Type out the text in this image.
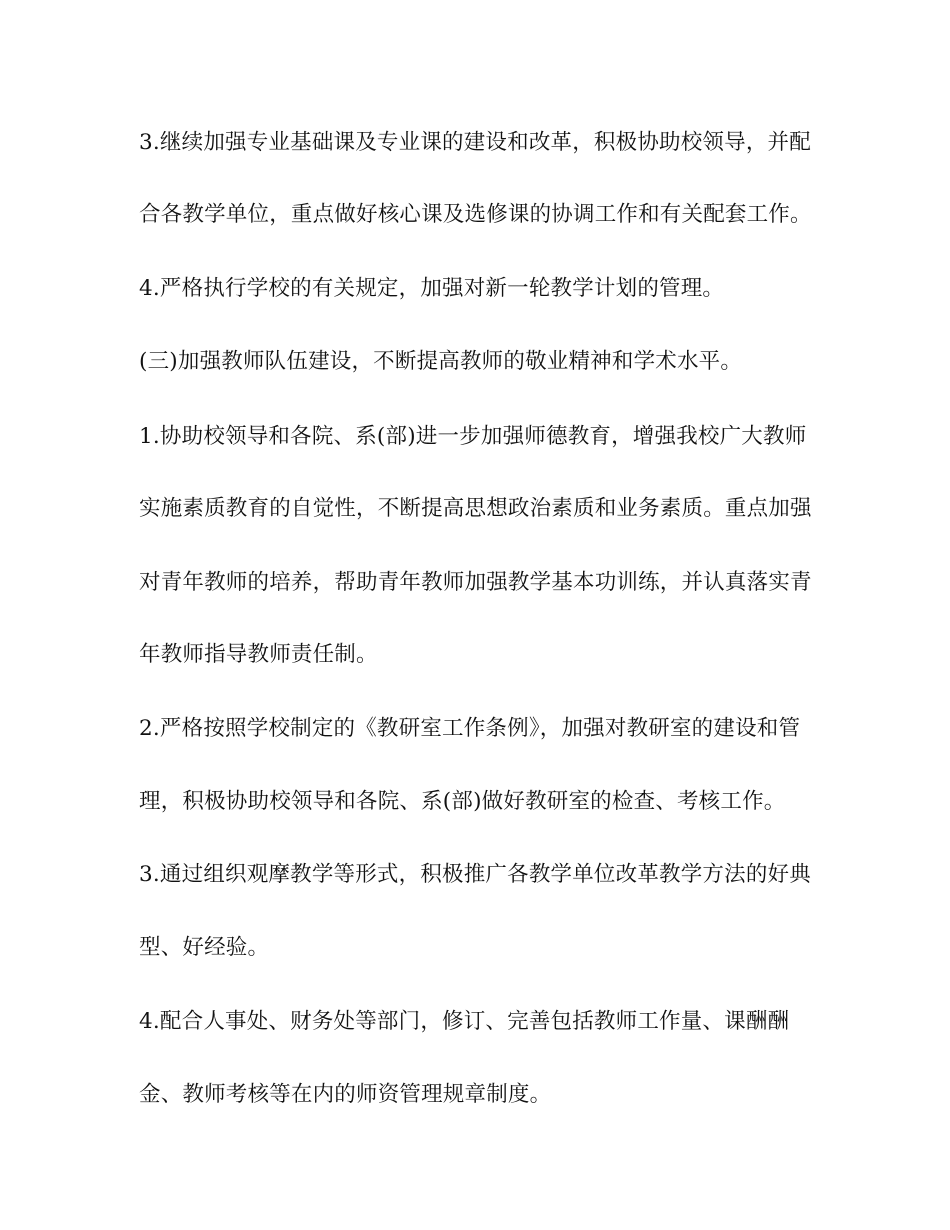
3.继续加强专业基础课及专业课的建设和改革，积极协助校领导，并配

合各教学单位，重点做好核心课及选修课的协调工作和有关配套工作。

4.严格执行学校的有关规定，加强对新一轮教学计划的管理。

(三)加强教师队伍建设，不断提高教师的敬业精神和学术水平。

1.协助校领导和各院、系(部)进一步加强师德教育，增强我校广大教师

实施素质教育的自觉性，不断提高思想政治素质和业务素质。重点加强

对青年教师的培养，帮助青年教师加强教学基本功训练，并认真落实青

年教师指导教师责任制。

2.严格按照学校制定的《教研室工作条例》，加强对教研室的建设和管

理，积极协助校领导和各院、系(部)做好教研室的检查、考核工作。

3.通过组织观摩教学等形式，积极推广各教学单位改革教学方法的好典

型、好经验。

4.配合人事处、财务处等部门，修订、完善包括教师工作量、课酬酬

金、教师考核等在内的师资管理规章制度。
